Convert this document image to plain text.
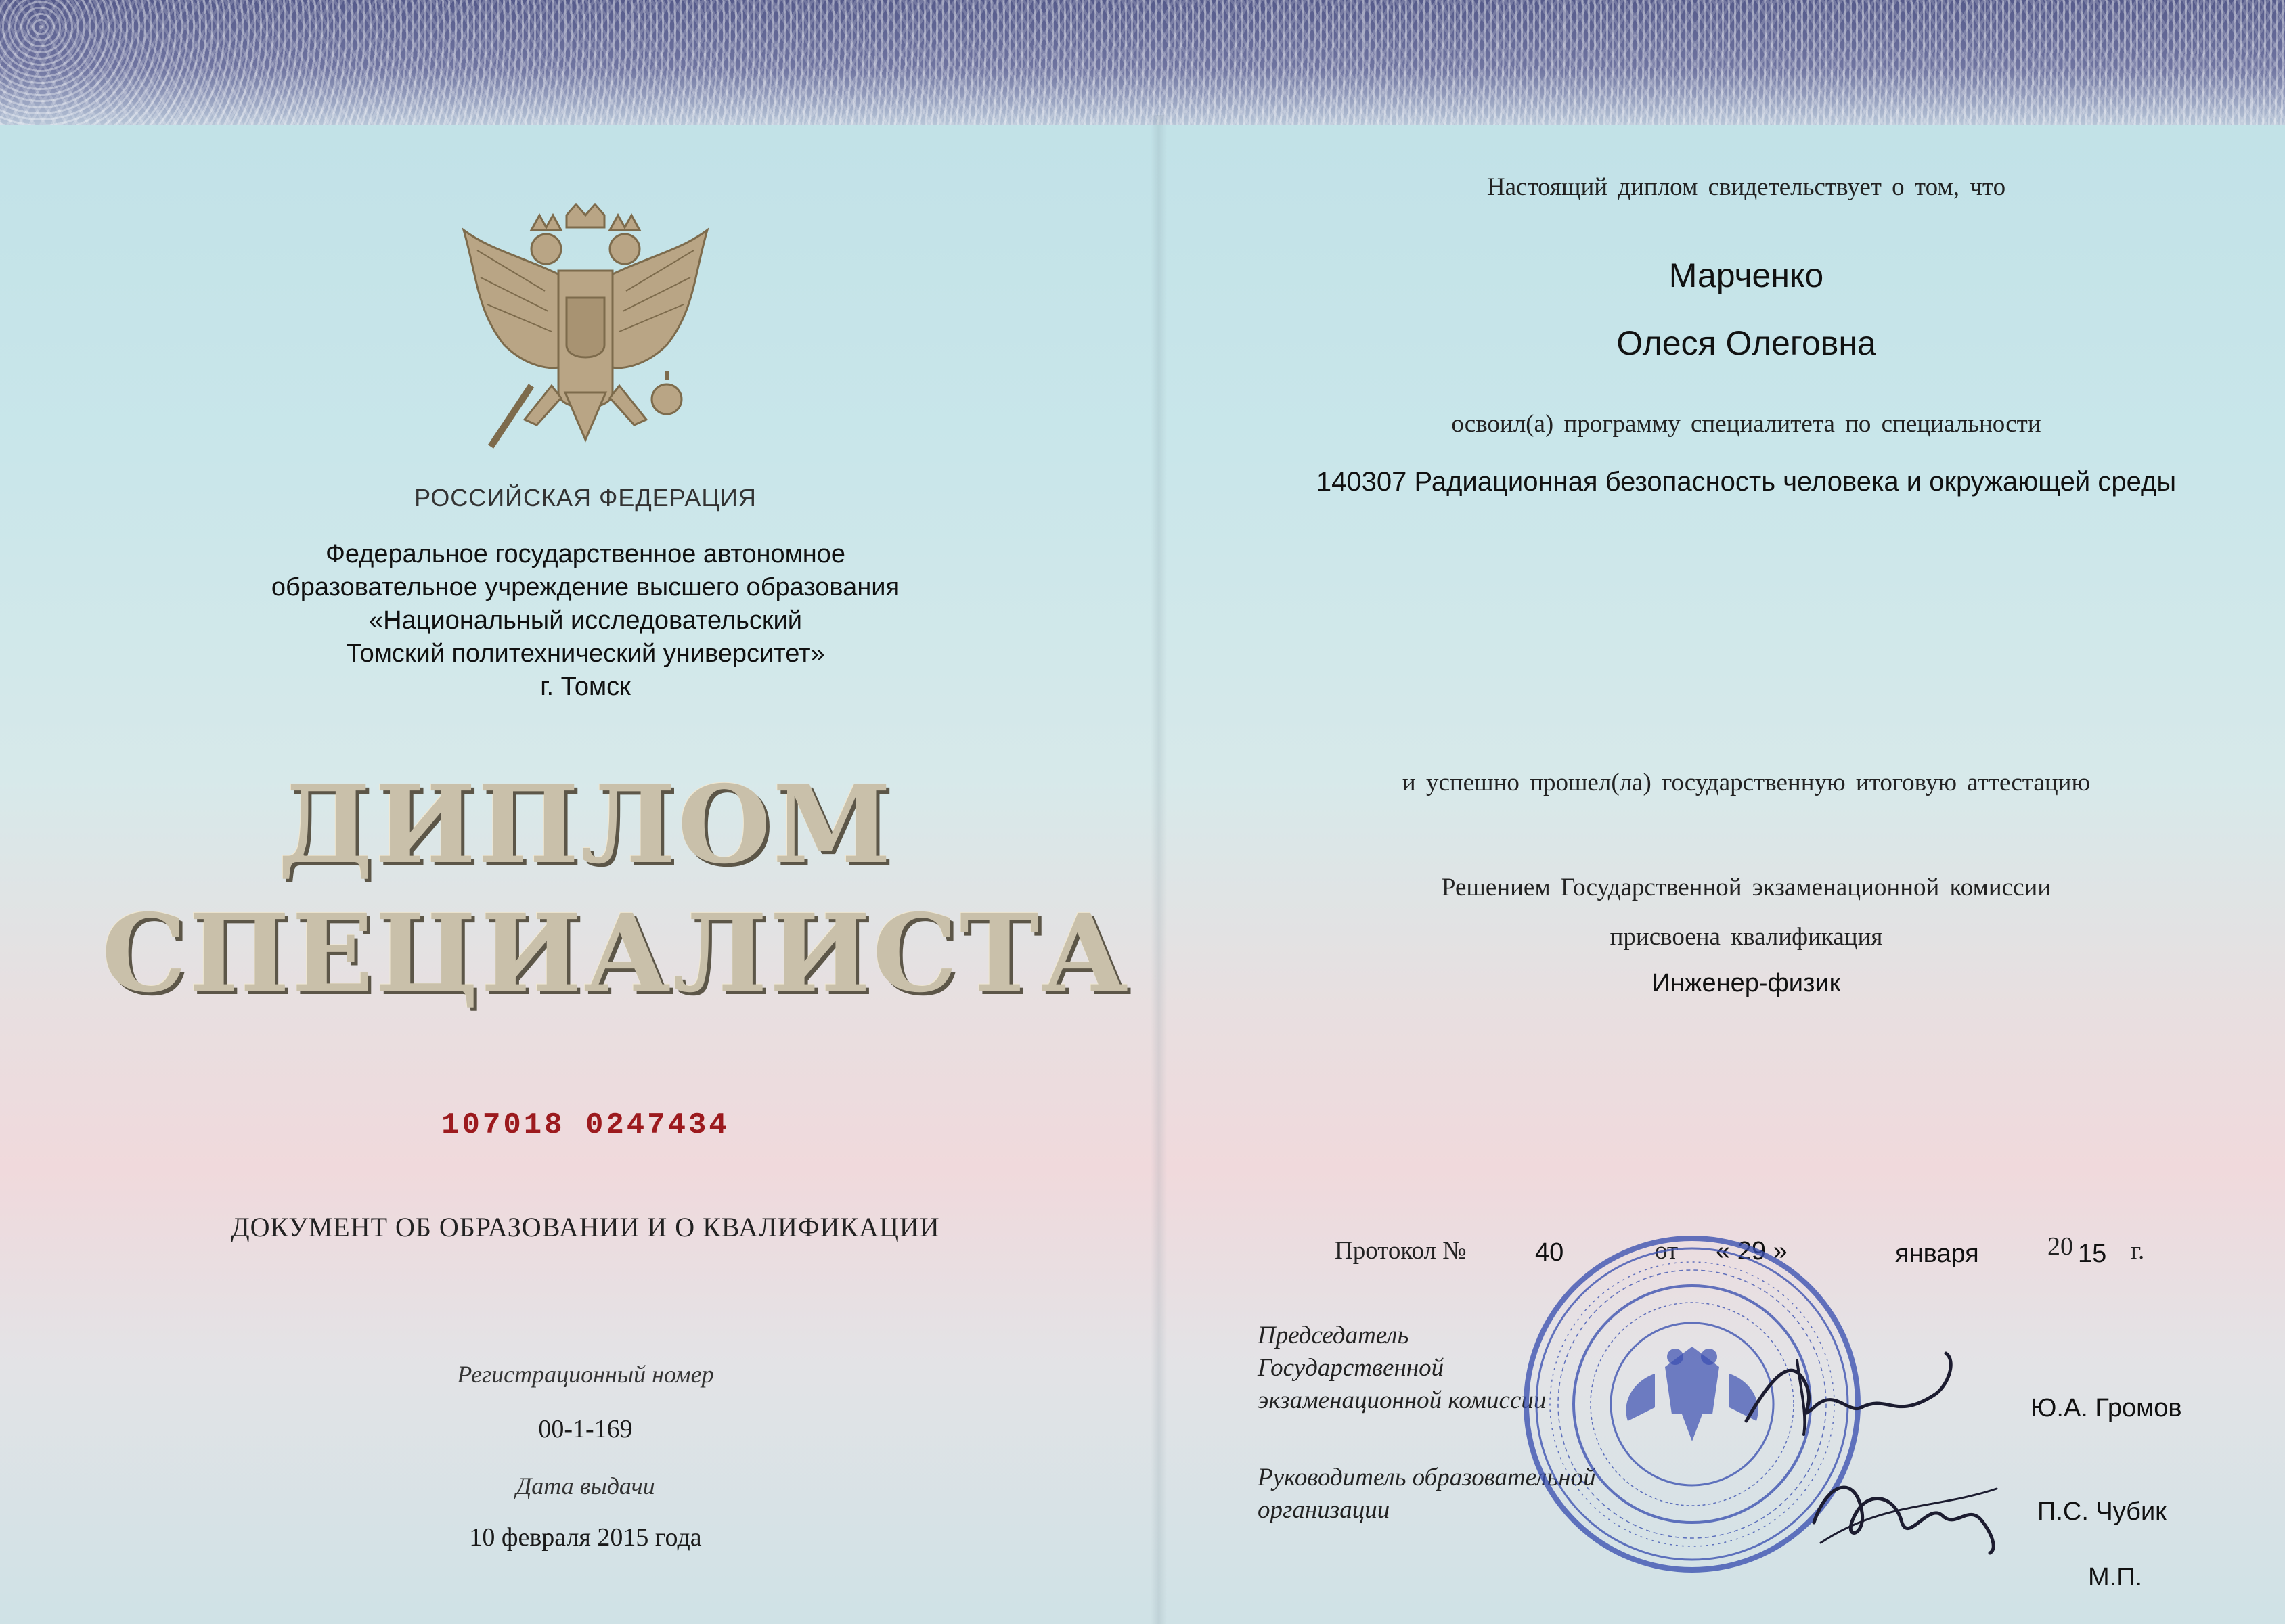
РОССИЙСКАЯ ФЕДЕРАЦИЯ
Федеральное государственное автономное
образовательное учреждение высшего образования
«Национальный исследовательский
Томский политехнический университет»
г. Томск
ДИПЛОМ
СПЕЦИАЛИСТА
107018 0247434
ДОКУМЕНТ ОБ ОБРАЗОВАНИИ И О КВАЛИФИКАЦИИ
Регистрационный номер
00-1-169
Дата выдачи
10 февраля 2015 года
Настоящий диплом свидетельствует о том, что
Марченко
Олеся Олеговна
освоил(а) программу специалитета по специальности
140307 Радиационная безопасность человека и окружающей среды
и успешно прошел(ла) государственную итоговую аттестацию
Решением Государственной экзаменационной комиссии
присвоена квалификация
Инженер-физик
Протокол №	40	от « 29 »	января	20 15 г.
Председатель
Государственной
экзаменационной комиссии	Ю.А. Громов
Руководитель образовательной
организации	П.С. Чубик
М.П.
